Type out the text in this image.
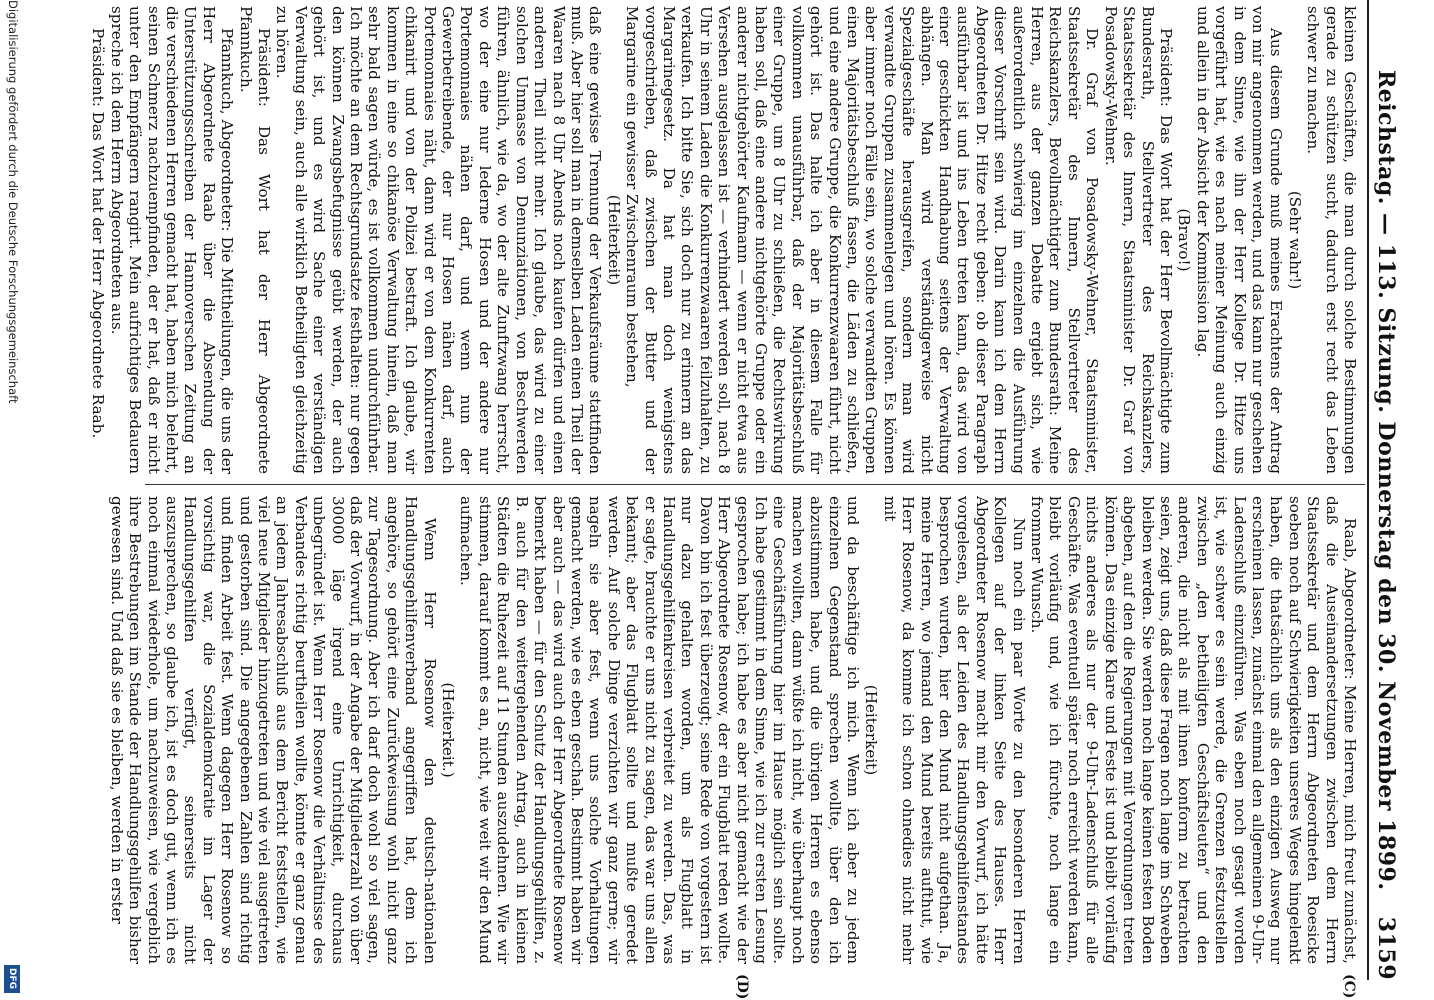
Reichstag. — 113. Sitzung. Donnerstag den 30. November 1899.
3159
(C)
(D)

kleinen Geschäften, die man durch solche Bestimmungen gerade zu schützen sucht, dadurch erst recht das Leben schwer zu machen.

(Sehr wahr!)

Aus diesem Grunde muß meines Erachtens der Antrag von mir angenommen werden, und das kann nur geschehen in dem Sinne, wie ihn der Herr Kollege Dr. Hitze uns vorgeführt hat, wie es nach meiner Meinung auch einzig und allein in der Absicht der Kommission lag.

(Bravo!)

Präsident: Das Wort hat der Herr Bevollmächtigte zum Bundesrath, Stellvertreter des Reichskanzlers, Staatssekretär des Innern, Staatsminister Dr. Graf von Posadowsky-Wehner.

Dr. Graf von Posadowsky-Wehner, Staatsminister, Staatssekretär des Innern, Stellvertreter des Reichskanzlers, Bevollmächtigter zum Bundesrath: Meine Herren, aus der ganzen Debatte ergiebt sich, wie außerordentlich schwierig im einzelnen die Ausführung dieser Vorschrift sein wird. Darin kann ich dem Herrn Abgeordneten Dr. Hitze recht geben: ob dieser Paragraph ausführbar ist und ins Leben treten kann, das wird von einer geschickten Handhabung seitens der Verwaltung abhängen. Man wird verständigerweise nicht Spezialgeschäfte herausgreifen, sondern man wird verwandte Gruppen zusammenlegen und hören. Es können aber immer noch Fälle sein, wo solche verwandten Gruppen einen Majoritätsbeschluß fassen, die Läden zu schließen, und eine andere Gruppe, die Konkurrenzwaaren führt, nicht gehört ist. Das halte ich aber in diesem Falle für vollkommen unausführbar, daß der Majoritätsbeschluß einer Gruppe, um 8 Uhr zu schließen, die Rechtswirkung haben soll, daß eine andere nichtgehörte Gruppe oder ein anderer nichtgehörter Kaufmann — wenn er nicht etwa aus Versehen ausgelassen ist — verhindert werden soll, nach 8 Uhr in seinem Laden die Konkurrenzwaaren feilzuhalten, zu verkaufen. Ich bitte Sie, sich doch nur zu erinnern an das Margarinegesetz. Da hat man doch wenigstens vorgeschrieben, daß zwischen der Butter und der Margarine ein gewisser Zwischenraum bestehen,

(Heiterkeit)

daß eine gewisse Trennung der Verkaufsräume stattfinden muß. Aber hier soll man in demselben Laden einen Theil der Waaren nach 8 Uhr Abends noch kaufen dürfen und einen anderen Theil nicht mehr. Ich glaube, das wird zu einer solchen Unmasse von Denunziationen, von Beschwerden führen, ähnlich, wie da, wo der alte Zunftzwang herrscht, wo der eine nur lederne Hosen und der andere nur Portemonnaies nähen darf, und wenn nun der Gewerbetreibende, der nur Hosen nähen darf, auch Portemonnaies näht, dann wird er von dem Konkurrenten chikanirt und von der Polizei bestraft. Ich glaube, wir kommen in eine so chikanöse Verwaltung hinein, daß man sehr bald sagen würde, es ist vollkommen undurchführbar. Ich möchte an dem Rechtsgrundsatze festhalten: nur gegen den können Zwangsbefugnisse geübt werden, der auch gehört ist, und es wird Sache einer verständigen Verwaltung sein, auch alle wirklich Betheiligten gleichzeitig zu hören.

Präsident: Das Wort hat der Herr Abgeordnete Pfannkuch.

Pfannkuch, Abgeordneter: Die Mittheilungen, die uns der Herr Abgeordnete Raab über die Absendung der Unterstützungsschreiben der Hannoverschen Zeitung an die verschiedenen Herren gemacht hat, haben mich belehrt, seinen Schmerz nachzuempfinden, der er hat, daß er nicht unter den Empfängern rangirt. Mein aufrichtiges Bedauern spreche ich dem Herrn Abgeordneten aus.

Präsident: Das Wort hat der Herr Abgeordnete Raab.

Raab, Abgeordneter: Meine Herren, mich freut zunächst, daß die Auseinandersetzungen zwischen dem Herrn Staatssekretär und dem Herrn Abgeordneten Roesicke soeben noch auf Schwierigkeiten unseres Weges hingelenkt haben, die thatsächlich uns als den einzigen Ausweg nur erscheinen lassen, zunächst einmal den allgemeinen 9-Uhr-Ladenschluß einzuführen. Was eben noch gesagt worden ist, wie schwer es sein werde, die Grenzen festzustellen zwischen „den betheiligten Geschäftsleuten“ und den anderen, die nicht als mit ihnen konform zu betrachten seien, zeigt uns, daß diese Fragen noch lange im Schweben bleiben werden. Sie werden noch lange keinen festen Boden abgeben, auf den die Regierungen mit Verordnungen treten können. Das einzige Klare und Feste ist und bleibt vorläufig nichts anderes als nur der 9-Uhr-Ladenschluß für alle Geschäfte. Was eventuell später noch erreicht werden kann, bleibt vorläufig und, wie ich fürchte, noch lange ein frommer Wunsch.

Nun noch ein paar Worte zu den besonderen Herren Kollegen auf der linken Seite des Hauses. Herr Abgeordneter Rosenow macht mir den Vorwurf, ich hätte vorgelesen, als der Leiden des Handlungsgehilfenstandes besprochen wurden, hier den Mund nicht aufgethan. Ja, meine Herren, wo jemand den Mund bereits aufthut, wie Herr Rosenow, da komme ich schon ohnedies nicht mehr mit

(Heiterkeit)

und da beschäftige ich mich. Wenn ich aber zu jedem einzelnen Gegenstand sprechen wollte, über den ich abzustimmen habe, und die übrigen Herren es ebenso machen wollten, dann wüßte ich nicht, wie überhaupt noch eine Geschäftsführung hier im Hause möglich sein sollte. Ich habe gestimmt in dem Sinne, wie ich zur ersten Lesung gesprochen habe; ich habe es aber nicht gemacht wie der Herr Abgeordnete Rosenow, der ein Flugblatt reden wollte. Davon bin ich fest überzeugt; seine Rede von vorgestern ist nur dazu gehalten worden, um als Flugblatt in Handlungsgehilfenkreisen verbreitet zu werden. Das, was er sagte, brauchte er uns nicht zu sagen, das war uns allen bekannt; aber das Flugblatt sollte und mußte geredet werden. Auf solche Dinge verzichten wir ganz gerne; wir nageln sie aber fest, wenn uns solche Vorhaltungen gemacht werden, wie es eben geschah. Bestimmt haben wir aber auch — das wird auch der Herr Abgeordnete Rosenow bemerkt haben — für den Schutz der Handlungsgehilfen, z. B. auch für den weitergehenden Antrag, auch in kleinen Städten die Ruhezeit auf 11 Stunden auszudehnen. Wie wir stimmen, darauf kommt es an, nicht, wie weit wir den Mund aufmachen.

(Heiterkeit.)

Wenn Herr Rosenow den deutsch-nationalen Handlungsgehilfenverband angegriffen hat, dem ich angehöre, so gehört eine Zurückweisung wohl nicht ganz zur Tagesordnung. Aber ich darf doch wohl so viel sagen, daß der Vorwurf, in der Angabe der Mitgliederzahl von über 30000 läge irgend eine Unrichtigkeit, durchaus unbegründet ist. Wenn Herr Rosenow die Verhältnisse des Verbandes richtig beurtheilen wollte, könnte er ganz genau an jedem Jahresabschluß aus dem Bericht feststellen, wie viel neue Mitglieder hinzugetreten und wie viel ausgetreten und gestorben sind. Die angegebenen Zahlen sind richtig und finden Arbeit fest. Wenn dagegen Herr Rosenow so vorsichtig war, die Sozialdemokratie im Lager der Handlungsgehilfen verfügt, seinerseits nicht auszusprechen, so glaube ich, ist es doch gut, wenn ich es noch einmal wiederhole, um nachzuweisen, wie vergeblich ihre Bestrebungen im Stande der Handlungsgehilfen bisher gewesen sind. Und daß sie es bleiben, werden in erster

Digitalisierung gefördert durch die Deutsche Forschungsgemeinschaft
DFG
